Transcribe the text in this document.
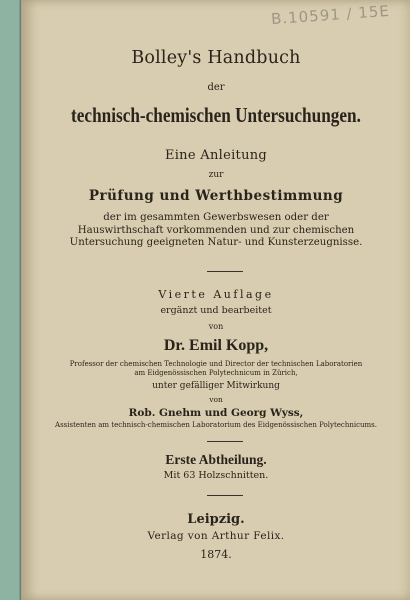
B.10591 / 15E
Bolley's Handbuch
der
technisch-chemischen Untersuchungen.
Eine Anleitung
zur
Prüfung und Werthbestimmung
der im gesammten Gewerbswesen oder der Hauswirthschaft vorkommenden und zur chemischen Untersuchung geeigneten Natur- und Kunsterzeugnisse.
Vierte Auflage
ergänzt und bearbeitet
von
Dr. Emil Kopp,
Professor der chemischen Technologie und Director der technischen Laboratorien
am Eidgenössischen Polytechnicum in Zürich,
unter gefälliger Mitwirkung
von
Rob. Gnehm und Georg Wyss,
Assistenten am technisch-chemischen Laboratorium des Eidgenössischen Polytechnicums.
Erste Abtheilung.
Mit 63 Holzschnitten.
Leipzig.
Verlag von Arthur Felix.
1874.
